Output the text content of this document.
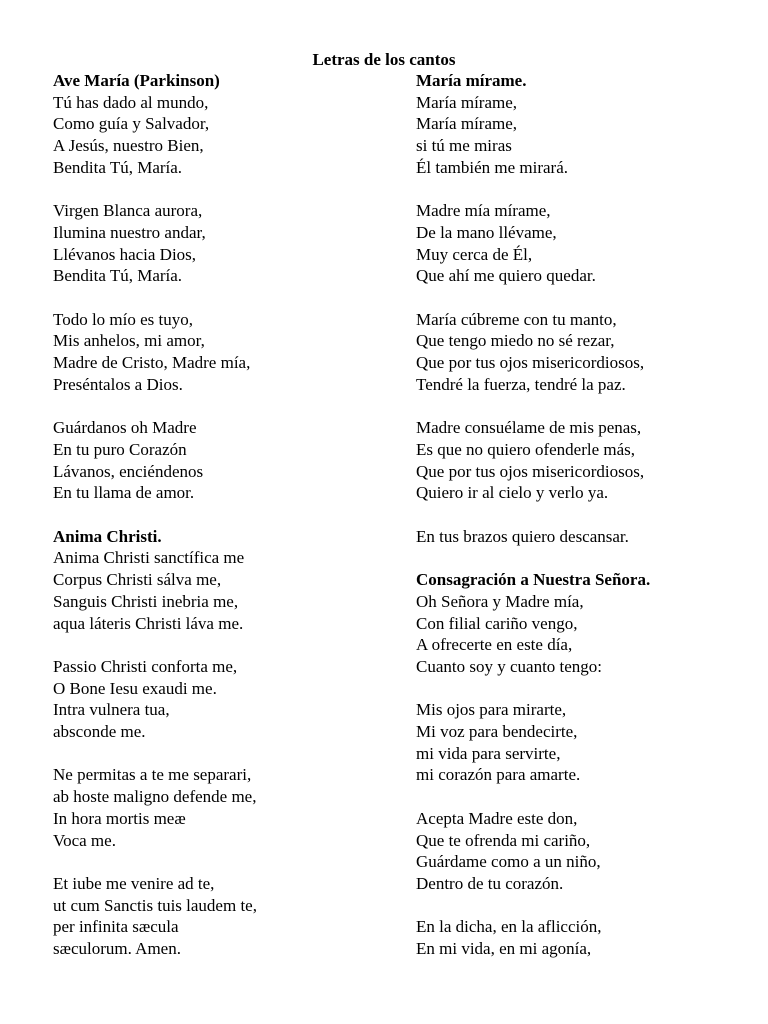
Letras de los cantos
Ave María (Parkinson)
Tú has dado al mundo,
Como guía y Salvador,
A Jesús, nuestro Bien,
Bendita Tú, María.
Virgen Blanca aurora,
Ilumina nuestro andar,
Llévanos hacia Dios,
Bendita Tú, María.
Todo lo mío es tuyo,
Mis anhelos, mi amor,
Madre de Cristo, Madre mía,
Preséntalos a Dios.
Guárdanos oh Madre
En tu puro Corazón
Lávanos, enciéndenos
En tu llama de amor.
Anima Christi.
Anima Christi sanctífica me
Corpus Christi sálva me,
Sanguis Christi inebria me,
aqua láteris Christi láva me.
Passio Christi conforta me,
O Bone Iesu exaudi me.
Intra vulnera tua,
absconde me.
Ne permitas a te me separari,
ab hoste maligno defende me,
In hora mortis meæ
Voca me.
Et iube me venire ad te,
ut cum Sanctis tuis laudem te,
per infinita sæcula
sæculorum. Amen.
María mírame.
María mírame,
María mírame,
si tú me miras
Él también me mirará.
Madre mía mírame,
De la mano llévame,
Muy cerca de Él,
Que ahí me quiero quedar.
María cúbreme con tu manto,
Que tengo miedo no sé rezar,
Que por tus ojos misericordiosos,
Tendré la fuerza, tendré la paz.
Madre consuélame de mis penas,
Es que no quiero ofenderle más,
Que por tus ojos misericordiosos,
Quiero ir al cielo y verlo ya.
En tus brazos quiero descansar.
Consagración a Nuestra Señora.
Oh Señora y Madre mía,
Con filial cariño vengo,
A ofrecerte en este día,
Cuanto soy y cuanto tengo:
Mis ojos para mirarte,
Mi voz para bendecirte,
mi vida para servirte,
mi corazón para amarte.
Acepta Madre este don,
Que te ofrenda mi cariño,
Guárdame como a un niño,
Dentro de tu corazón.
En la dicha, en la aflicción,
En mi vida, en mi agonía,
